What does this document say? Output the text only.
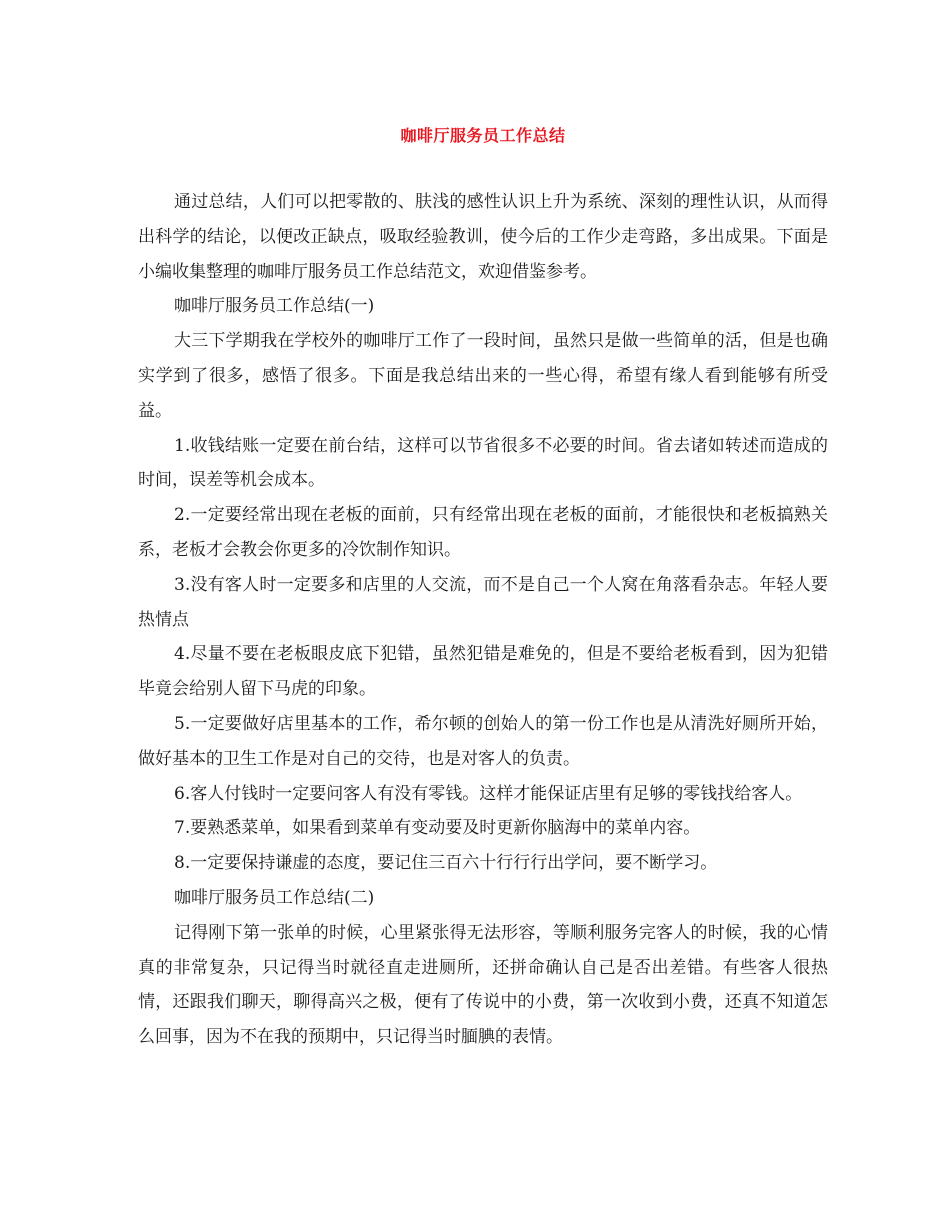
咖啡厅服务员工作总结

通过总结，人们可以把零散的、肤浅的感性认识上升为系统、深刻的理性认识，从而得出科学的结论，以便改正缺点，吸取经验教训，使今后的工作少走弯路，多出成果。下面是小编收集整理的咖啡厅服务员工作总结范文，欢迎借鉴参考。

咖啡厅服务员工作总结(一)

大三下学期我在学校外的咖啡厅工作了一段时间，虽然只是做一些简单的活，但是也确实学到了很多，感悟了很多。下面是我总结出来的一些心得，希望有缘人看到能够有所受益。

1.收钱结账一定要在前台结，这样可以节省很多不必要的时间。省去诸如转述而造成的时间，误差等机会成本。

2.一定要经常出现在老板的面前，只有经常出现在老板的面前，才能很快和老板搞熟关系，老板才会教会你更多的冷饮制作知识。

3.没有客人时一定要多和店里的人交流，而不是自己一个人窝在角落看杂志。年轻人要热情点

4.尽量不要在老板眼皮底下犯错，虽然犯错是难免的，但是不要给老板看到，因为犯错毕竟会给别人留下马虎的印象。

5.一定要做好店里基本的工作，希尔顿的创始人的第一份工作也是从清洗好厕所开始，做好基本的卫生工作是对自己的交待，也是对客人的负责。

6.客人付钱时一定要问客人有没有零钱。这样才能保证店里有足够的零钱找给客人。

7.要熟悉菜单，如果看到菜单有变动要及时更新你脑海中的菜单内容。

8.一定要保持谦虚的态度，要记住三百六十行行行出学问，要不断学习。

咖啡厅服务员工作总结(二)

记得刚下第一张单的时候，心里紧张得无法形容，等顺利服务完客人的时候，我的心情真的非常复杂，只记得当时就径直走进厕所，还拼命确认自己是否出差错。有些客人很热情，还跟我们聊天，聊得高兴之极，便有了传说中的小费，第一次收到小费，还真不知道怎么回事，因为不在我的预期中，只记得当时腼腆的表情。
